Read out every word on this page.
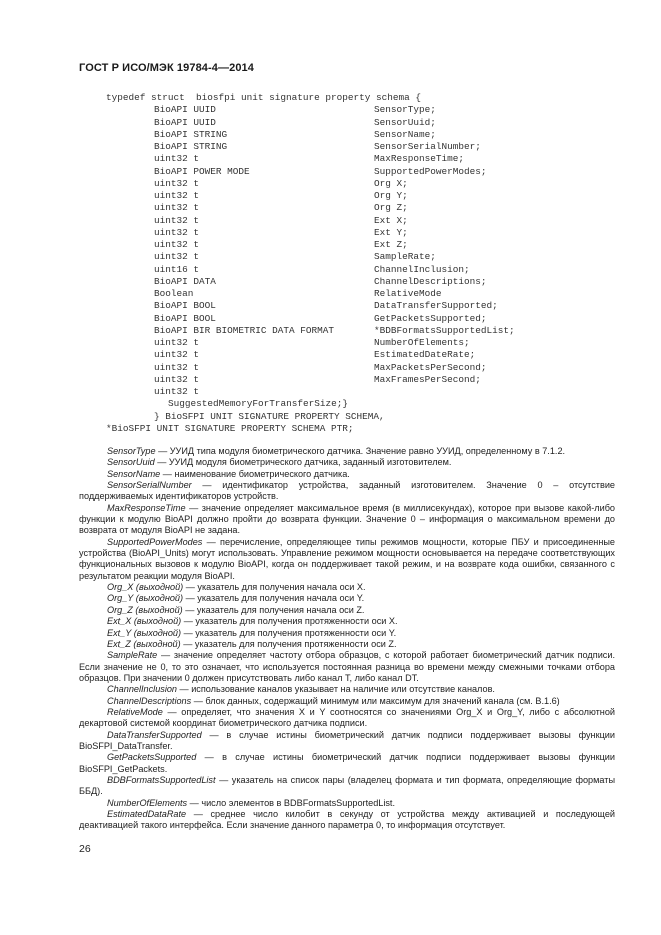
ГОСТ Р ИСО/МЭК 19784-4—2014
typedef struct  biosfpi unit signature property schema {
BioAPI UUID	SensorType;
BioAPI UUID	SensorUuid;
BioAPI STRING	SensorName;
BioAPI STRING	SensorSerialNumber;
uint32 t	MaxResponseTime;
BioAPI POWER MODE	SupportedPowerModes;
uint32 t	Org X;
uint32 t	Org Y;
uint32 t	Org Z;
uint32 t	Ext X;
uint32 t	Ext Y;
uint32 t	Ext Z;
uint32 t	SampleRate;
uint16 t	ChannelInclusion;
BioAPI DATA	ChannelDescriptions;
Boolean	RelativeMode
BioAPI BOOL	DataTransferSupported;
BioAPI BOOL	GetPacketsSupported;
BioAPI BIR BIOMETRIC DATA FORMAT	*BDBFormatsSupportedList;
uint32 t	NumberOfElements;
uint32 t	EstimatedDateRate;
uint32 t	MaxPacketsPerSecond;
uint32 t	MaxFramesPerSecond;
uint32 t
SuggestedMemoryForTransferSize;}
} BioSFPI UNIT SIGNATURE PROPERTY SCHEMA,
*BioSFPI UNIT SIGNATURE PROPERTY SCHEMA PTR;

SensorType — УУИД типа модуля биометрического датчика. Значение равно УУИД, определенному в 7.1.2.

SensorUuid — УУИД модуля биометрического датчика, заданный изготовителем.

SensorName — наименование биометрического датчика.

SensorSerialNumber — идентификатор устройства, заданный изготовителем. Значение 0 – отсутствие поддерживаемых идентификаторов устройств.

MaxResponseTime — значение определяет максимальное время (в миллисекундах), которое при вызове какой-либо функции к модулю BioAPI должно пройти до возврата функции. Значение 0 – информация о максимальном времени до возврата от модуля BioAPI не задана.

SupportedPowerModes — перечисление, определяющее типы режимов мощности, которые ПБУ и присоединенные устройства (BioAPI_Units) могут использовать. Управление режимом мощности основывается на передаче соответствующих функциональных вызовов к модулю BioAPI, когда он поддерживает такой режим, и на возврате кода ошибки, связанного с результатом реакции модуля BioAPI.

Org_X (выходной) — указатель для получения начала оси X.

Org_Y (выходной) — указатель для получения начала оси Y.

Org_Z (выходной) — указатель для получения начала оси Z.

Ext_X (выходной) — указатель для получения протяженности оси X.

Ext_Y (выходной) — указатель для получения протяженности оси Y.

Ext_Z (выходной) — указатель для получения протяженности оси Z.

SampleRate — значение определяет частоту отбора образцов, с которой работает биометрический датчик подписи. Если значение не 0, то это означает, что используется постоянная разница во времени между смежными точками отбора образцов. При значении 0 должен присутствовать либо канал T, либо канал DT.

ChannelInclusion — использование каналов указывает на наличие или отсутствие каналов.

ChannelDescriptions — блок данных, содержащий минимум или максимум для значений канала (см. B.1.6)

RelativeMode — определяет, что значения X и Y соотносятся со значениями Org_X и Org_Y, либо с абсолютной декартовой системой координат биометрического датчика подписи.

DataTransferSupported — в случае истины биометрический датчик подписи поддерживает вызовы функции BioSFPI_DataTransfer.

GetPacketsSupported — в случае истины биометрический датчик подписи поддерживает вызовы функции BioSFPI_GetPackets.

BDBFormatsSupportedList — указатель на список пары (владелец формата и тип формата, определяющие форматы ББД).

NumberOfElements — число элементов в BDBFormatsSupportedList.

EstimatedDataRate — среднее число килобит в секунду от устройства между активацией и последующей деактивацией такого интерфейса. Если значение данного параметра 0, то информация отсутствует.

26
